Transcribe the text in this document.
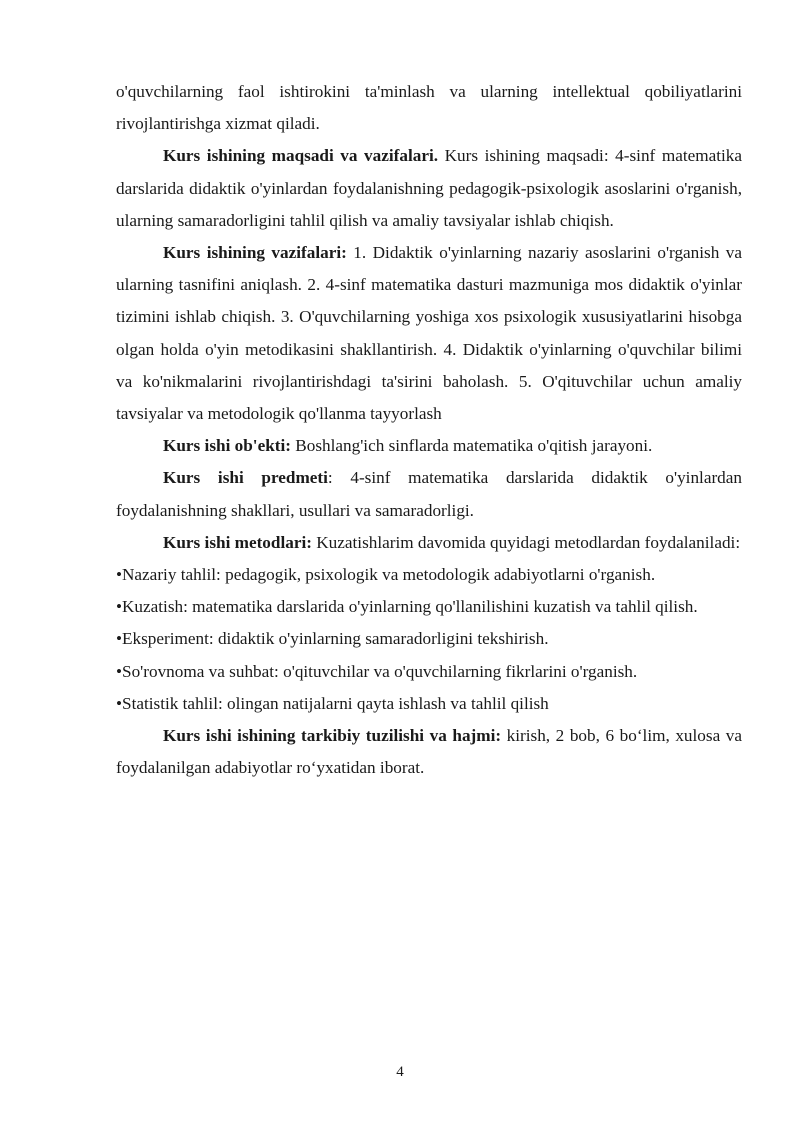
o'quvchilarning faol ishtirokini ta'minlash va ularning intellektual qobiliyatlarini rivojlantirishga xizmat qiladi.

Kurs ishining maqsadi va vazifalari. Kurs ishining maqsadi: 4-sinf matematika darslarida didaktik o'yinlardan foydalanishning pedagogik-psixologik asoslarini o'rganish, ularning samaradorligini tahlil qilish va amaliy tavsiyalar ishlab chiqish.

Kurs ishining vazifalari: 1. Didaktik o'yinlarning nazariy asoslarini o'rganish va ularning tasnifini aniqlash. 2. 4-sinf matematika dasturi mazmuniga mos didaktik o'yinlar tizimini ishlab chiqish. 3. O'quvchilarning yoshiga xos psixologik xususiyatlarini hisobga olgan holda o'yin metodikasini shakllantirish. 4. Didaktik o'yinlarning o'quvchilar bilimi va ko'nikmalarini rivojlantirishdagi ta'sirini baholash. 5. O'qituvchilar uchun amaliy tavsiyalar va metodologik qo'llanma tayyorlash

Kurs ishi ob'ekti: Boshlang'ich sinflarda matematika o'qitish jarayoni.

Kurs ishi predmeti: 4-sinf matematika darslarida didaktik o'yinlardan foydalanishning shakllari, usullari va samaradorligi.

Kurs ishi metodlari: Kuzatishlarim davomida quyidagi metodlardan foydalaniladi:

•Nazariy tahlil: pedagogik, psixologik va metodologik adabiyotlarni o'rganish.

•Kuzatish: matematika darslarida o'yinlarning qo'llanilishini kuzatish va tahlil qilish.

•Eksperiment: didaktik o'yinlarning samaradorligini tekshirish.

•So'rovnoma va suhbat: o'qituvchilar va o'quvchilarning fikrlarini o'rganish.

•Statistik tahlil: olingan natijalarni qayta ishlash va tahlil qilish

Kurs ishi ishining tarkibiy tuzilishi va hajmi: kirish, 2 bob, 6 bo‘lim, xulosa va foydalanilgan adabiyotlar ro‘yxatidan iborat.

4
